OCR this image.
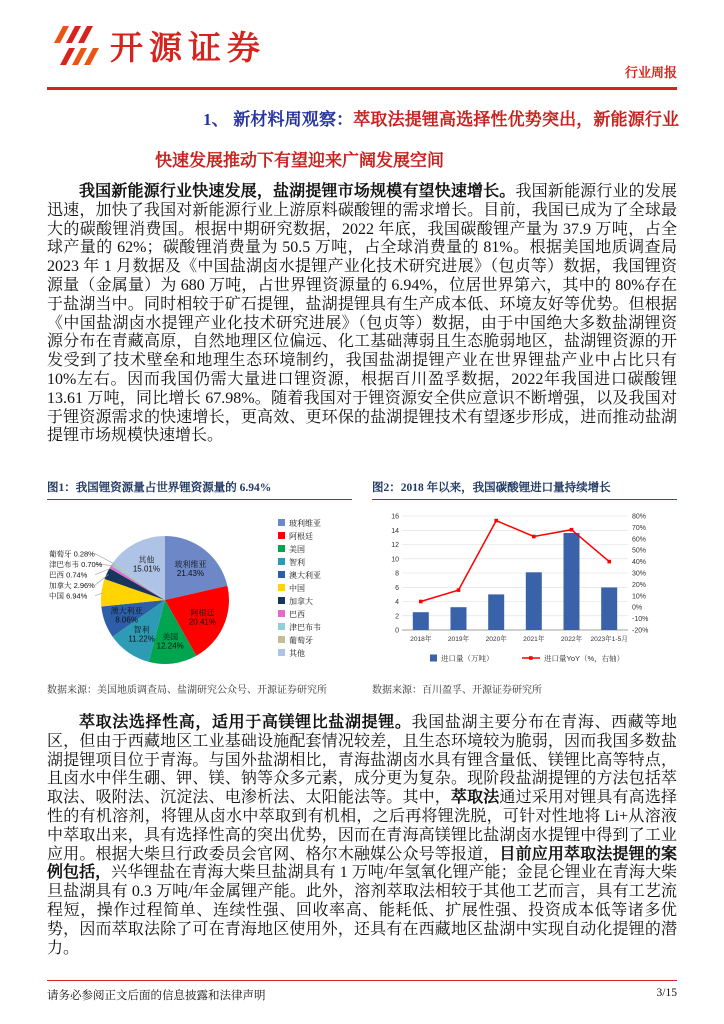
开源证券
行业周报
1、 新材料周观察：萃取法提锂高选择性优势突出，新能源行业快速发展推动下有望迎来广阔发展空间

我国新能源行业快速发展，盐湖提锂市场规模有望快速增长。我国新能源行业的发展迅速，加快了我国对新能源行业上游原料碳酸锂的需求增长。目前，我国已成为了全球最大的碳酸锂消费国。根据中期研究数据，2022 年底，我国碳酸锂产量为 37.9 万吨，占全球产量的 62%；碳酸锂消费量为 50.5 万吨，占全球消费量的 81%。根据美国地质调查局 2023 年 1 月数据及《中国盐湖卤水提锂产业化技术研究进展》（包贞等）数据，我国锂资源量（金属量）为 680 万吨，占世界锂资源量的 6.94%，位居世界第六，其中的 80%存在于盐湖当中。同时相较于矿石提锂，盐湖提锂具有生产成本低、环境友好等优势。但根据《中国盐湖卤水提锂产业化技术研究进展》（包贞等）数据，由于中国绝大多数盐湖锂资源分布在青藏高原，自然地理区位偏远、化工基础薄弱且生态脆弱地区，盐湖锂资源的开发受到了技术壁垒和地理生态环境制约，我国盐湖提锂产业在世界锂盐产业中占比只有 10%左右。因而我国仍需大量进口锂资源，根据百川盈孚数据，2022年我国进口碳酸锂 13.61 万吨，同比增长 67.98%。随着我国对于锂资源安全供应意识不断增强，以及我国对于锂资源需求的快速增长，更高效、更环保的盐湖提锂技术有望逐步形成，进而推动盐湖提锂市场规模快速增长。

图1：我国锂资源量占世界锂资源量的 6.94%	图2：2018 年以来，我国碳酸锂进口量持续增长
玻利维亚
21.43%
阿根廷
20.41%
美国
12.24%
智利
11.22%
澳大利亚
8.06%
其他
15.01%
葡萄牙 0.28%
津巴布韦 0.70%
巴西 0.74%
加拿大 2.96%
中国 6.94%
玻利维亚
阿根廷
美国
智利
澳大利亚
中国
加拿大
巴西
津巴布韦
葡萄牙
其他
0
2
4
6
8
10
12
14
16
-20%
-10%
0%
10%
20%
30%
40%
50%
60%
70%
80%
2018年 2019年 2020年 2021年 2022年 2023年1-5月
进口量（万吨）	进口量YoY（%，右轴）
数据来源：美国地质调查局、盐湖研究公众号、开源证券研究所	数据来源：百川盈孚、开源证券研究所

萃取法选择性高，适用于高镁锂比盐湖提锂。我国盐湖主要分布在青海、西藏等地区，但由于西藏地区工业基础设施配套情况较差，且生态环境较为脆弱，因而我国多数盐湖提锂项目位于青海。与国外盐湖相比，青海盐湖卤水具有锂含量低、镁锂比高等特点，且卤水中伴生硼、钾、镁、钠等众多元素，成分更为复杂。现阶段盐湖提锂的方法包括萃取法、吸附法、沉淀法、电渗析法、太阳能法等。其中，萃取法通过采用对锂具有高选择性的有机溶剂，将锂从卤水中萃取到有机相，之后再将锂洗脱，可针对性地将 Li+从溶液中萃取出来，具有选择性高的突出优势，因而在青海高镁锂比盐湖卤水提锂中得到了工业应用。根据大柴旦行政委员会官网、格尔木融媒公众号等报道，目前应用萃取法提锂的案例包括，兴华锂盐在青海大柴旦盐湖具有 1 万吨/年氢氧化锂产能；金昆仑锂业在青海大柴旦盐湖具有 0.3 万吨/年金属锂产能。此外，溶剂萃取法相较于其他工艺而言，具有工艺流程短，操作过程简单、连续性强、回收率高、能耗低、扩展性强、投资成本低等诸多优势，因而萃取法除了可在青海地区使用外，还具有在西藏地区盐湖中实现自动化提锂的潜力。

请务必参阅正文后面的信息披露和法律声明	3/15
